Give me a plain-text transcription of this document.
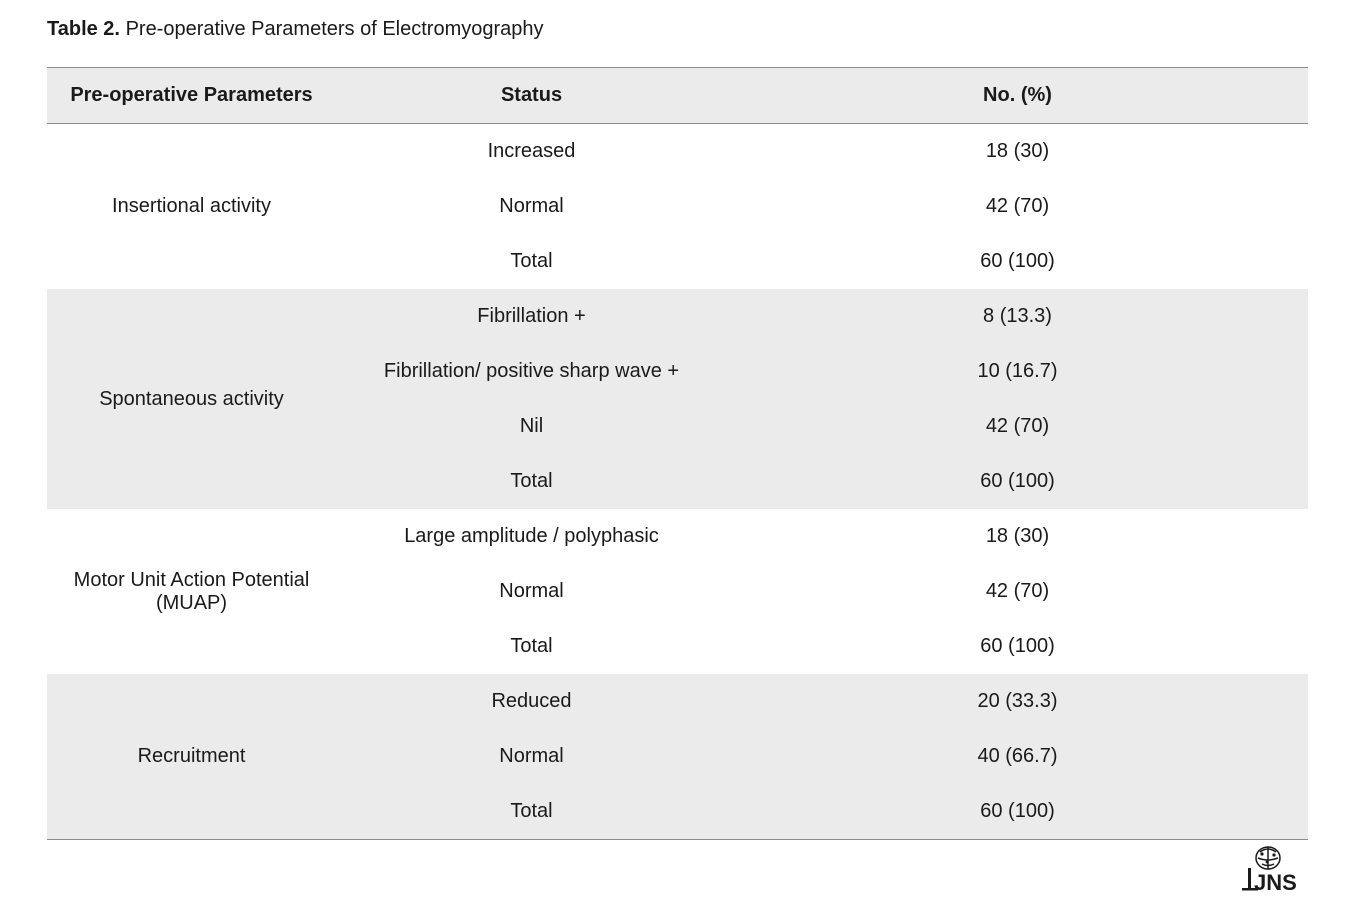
Table 2. Pre-operative Parameters of Electromyography
Pre-operative Parameters	Status	No. (%)
Insertional activity
Increased	18 (30)
Normal	42 (70)
Total	60 (100)
Spontaneous activity
Fibrillation +	8 (13.3)
Fibrillation/ positive sharp wave +	10 (16.7)
Nil	42 (70)
Total	60 (100)
Motor Unit Action Potential (MUAP)
Large amplitude / polyphasic	18 (30)
Normal	42 (70)
Total	60 (100)
Recruitment
Reduced	20 (33.3)
Normal	40 (66.7)
Total	60 (100)
JNS
